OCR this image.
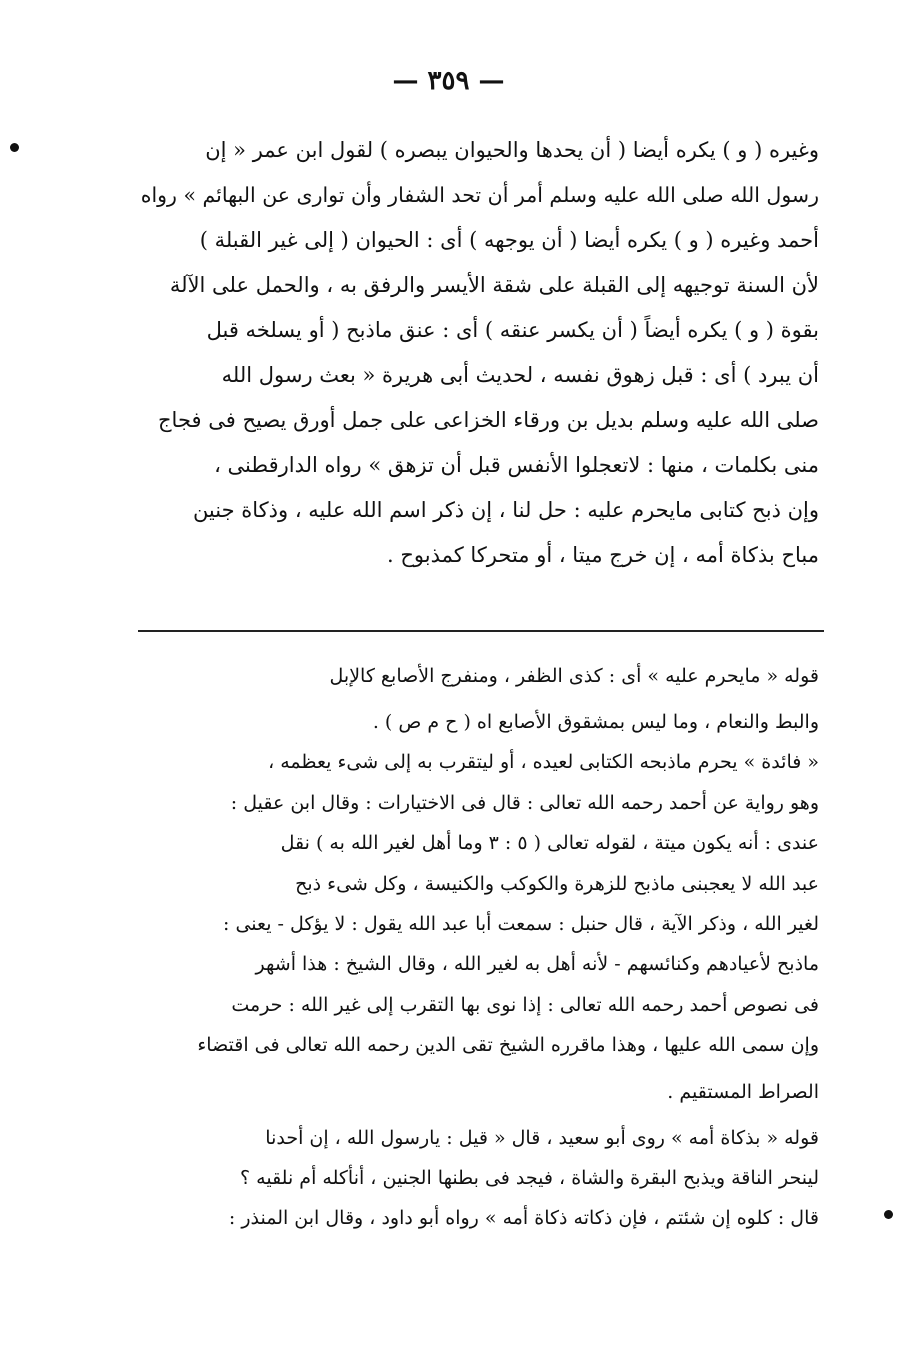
— ٣٥٩ —
وغيره ( و ) يكره أيضا ( أن يحدها والحيوان يبصره ) لقول ابن عمر « إن
رسول الله صلى الله عليه وسلم أمر أن تحد الشفار وأن توارى عن البهائم » رواه
أحمد وغيره ( و ) يكره أيضا ( أن يوجهه ) أى : الحيوان ( إلى غير القبلة )
لأن السنة توجيهه إلى القبلة على شقة الأيسر والرفق به ، والحمل على الآلة
بقوة ( و ) يكره أيضاً ( أن يكسر عنقه ) أى : عنق ماذبح ( أو يسلخه قبل
أن يبرد ) أى : قبل زهوق نفسه ، لحديث أبى هريرة « بعث رسول الله
صلى الله عليه وسلم بديل بن ورقاء الخزاعى على جمل أورق يصيح فى فجاج
منى بكلمات ، منها : لاتعجلوا الأنفس قبل أن تزهق » رواه الدارقطنى ،
وإن ذبح كتابى مايحرم عليه : حل لنا ، إن ذكر اسم الله عليه ، وذكاة جنين
مباح بذكاة أمه ، إن خرج ميتا ، أو متحركا كمذبوح .
قوله « مايحرم عليه » أى : كذى الظفر ، ومنفرج الأصابع كالإبل
والبط والنعام ، وما ليس بمشقوق الأصابع اه ( ح م ص ) .
« فائدة » يحرم ماذبحه الكتابى لعيده ، أو ليتقرب به إلى شىء يعظمه ،
وهو رواية عن أحمد رحمه الله تعالى : قال فى الاختيارات : وقال ابن عقيل :
عندى : أنه يكون ميتة ، لقوله تعالى ( ٥ : ٣ وما أهل لغير الله به ) نقل
عبد الله لا يعجبنى ماذبح للزهرة والكوكب والكنيسة ، وكل شىء ذبح
لغير الله ، وذكر الآية ، قال حنبل : سمعت أبا عبد الله يقول : لا يؤكل - يعنى :
ماذبح لأعيادهم وكنائسهم - لأنه أهل به لغير الله ، وقال الشيخ : هذا أشهر
فى نصوص أحمد رحمه الله تعالى : إذا نوى بها التقرب إلى غير الله : حرمت
وإن سمى الله عليها ، وهذا ماقرره الشيخ تقى الدين رحمه الله تعالى فى اقتضاء
الصراط المستقيم .
قوله « بذكاة أمه » روى أبو سعيد ، قال « قيل : يارسول الله ، إن أحدنا
لينحر الناقة ويذبح البقرة والشاة ، فيجد فى بطنها الجنين ، أنأكله أم نلقيه ؟
قال : كلوه إن شئتم ، فإن ذكاته ذكاة أمه » رواه أبو داود ، وقال ابن المنذر :
